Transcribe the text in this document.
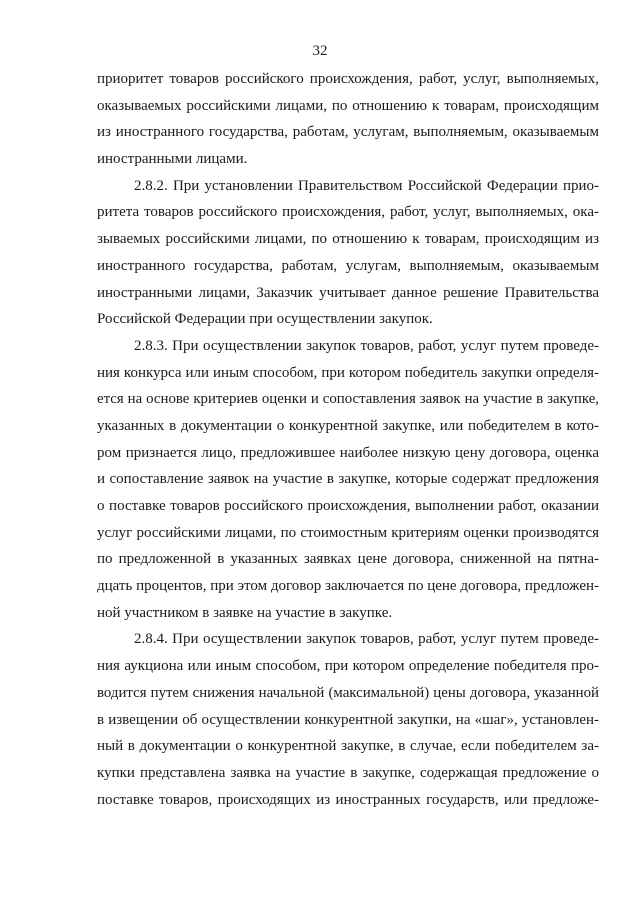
32
приоритет товаров российского происхождения, работ, услуг, выполняемых,
оказываемых российскими лицами, по отношению к товарам, происходящим
из иностранного государства, работам, услугам, выполняемым, оказываемым
иностранными лицами.
2.8.2. При установлении Правительством Российской Федерации прио-
ритета товаров российского происхождения, работ, услуг, выполняемых, ока-
зываемых российскими лицами, по отношению к товарам, происходящим из
иностранного государства, работам, услугам, выполняемым, оказываемым
иностранными лицами, Заказчик учитывает данное решение Правительства
Российской Федерации при осуществлении закупок.
2.8.3. При осуществлении закупок товаров, работ, услуг путем проведе-
ния конкурса или иным способом, при котором победитель закупки определя-
ется на основе критериев оценки и сопоставления заявок на участие в закупке,
указанных в документации о конкурентной закупке, или победителем в кото-
ром признается лицо, предложившее наиболее низкую цену договора, оценка
и сопоставление заявок на участие в закупке, которые содержат предложения
о поставке товаров российского происхождения, выполнении работ, оказании
услуг российскими лицами, по стоимостным критериям оценки производятся
по предложенной в указанных заявках цене договора, сниженной на пятна-
дцать процентов, при этом договор заключается по цене договора, предложен-
ной участником в заявке на участие в закупке.
2.8.4. При осуществлении закупок товаров, работ, услуг путем проведе-
ния аукциона или иным способом, при котором определение победителя про-
водится путем снижения начальной (максимальной) цены договора, указанной
в извещении об осуществлении конкурентной закупки, на «шаг», установлен-
ный в документации о конкурентной закупке, в случае, если победителем за-
купки представлена заявка на участие в закупке, содержащая предложение о
поставке товаров, происходящих из иностранных государств, или предложе-
